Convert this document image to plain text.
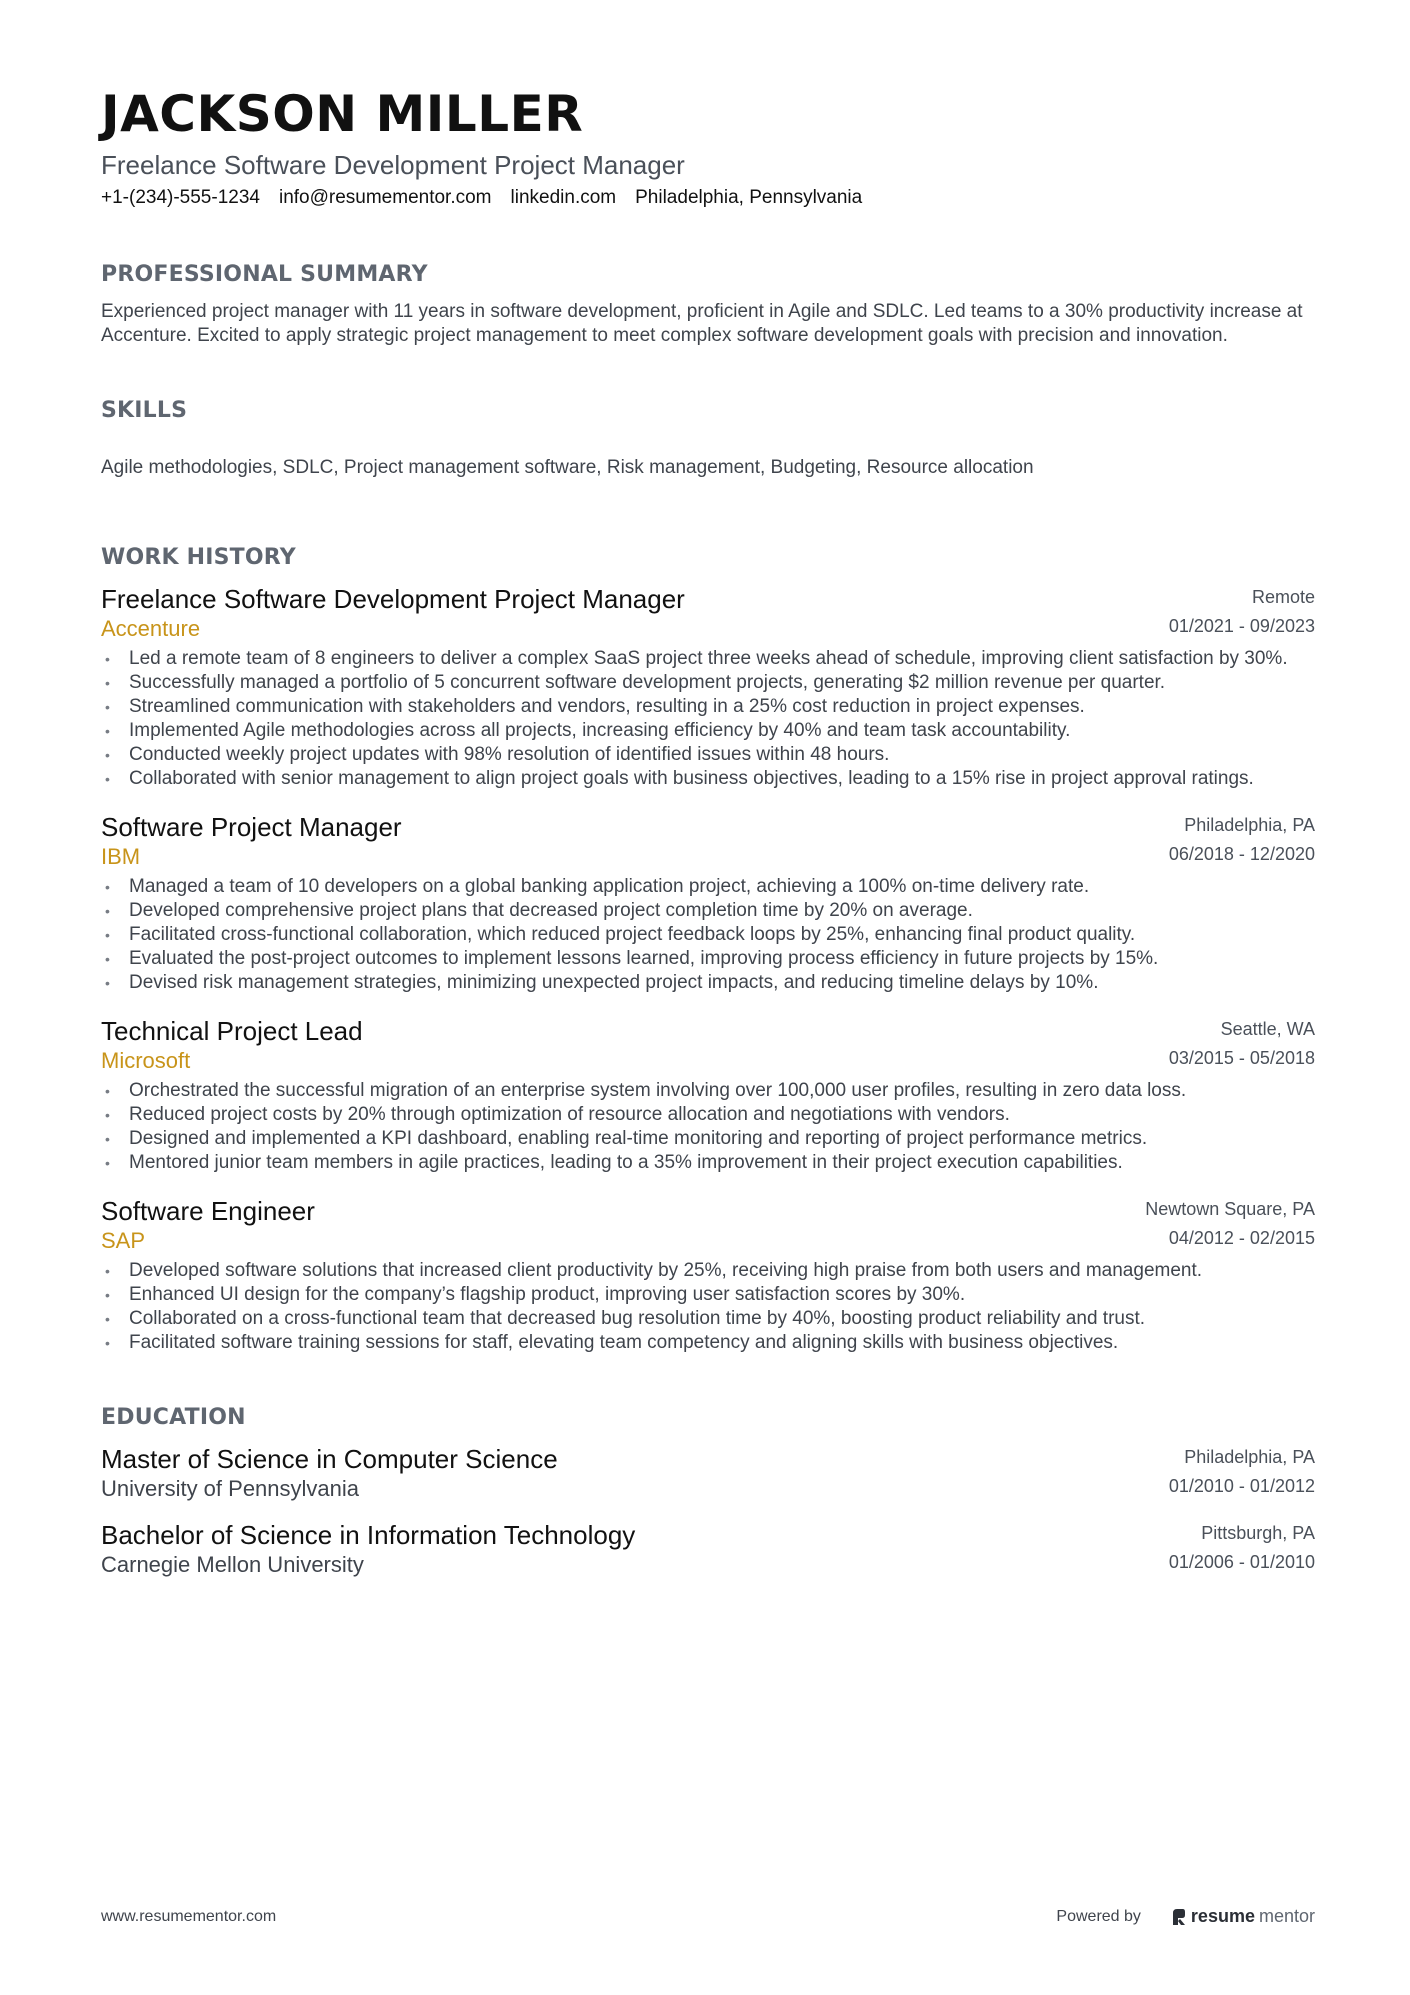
JACKSON MILLER
Freelance Software Development Project Manager
+1-(234)-555-1234 info@resumementor.com linkedin.com Philadelphia, Pennsylvania
PROFESSIONAL SUMMARY
Experienced project manager with 11 years in software development, proficient in Agile and SDLC. Led teams to a 30% productivity increase at Accenture. Excited to apply strategic project management to meet complex software development goals with precision and innovation.
SKILLS
Agile methodologies, SDLC, Project management software, Risk management, Budgeting, Resource allocation
WORK HISTORY
Freelance Software Development Project Manager
Accenture
Remote
01/2021 - 09/2023
• Led a remote team of 8 engineers to deliver a complex SaaS project three weeks ahead of schedule, improving client satisfaction by 30%.
• Successfully managed a portfolio of 5 concurrent software development projects, generating $2 million revenue per quarter.
• Streamlined communication with stakeholders and vendors, resulting in a 25% cost reduction in project expenses.
• Implemented Agile methodologies across all projects, increasing efficiency by 40% and team task accountability.
• Conducted weekly project updates with 98% resolution of identified issues within 48 hours.
• Collaborated with senior management to align project goals with business objectives, leading to a 15% rise in project approval ratings.
Software Project Manager
IBM
Philadelphia, PA
06/2018 - 12/2020
• Managed a team of 10 developers on a global banking application project, achieving a 100% on-time delivery rate.
• Developed comprehensive project plans that decreased project completion time by 20% on average.
• Facilitated cross-functional collaboration, which reduced project feedback loops by 25%, enhancing final product quality.
• Evaluated the post-project outcomes to implement lessons learned, improving process efficiency in future projects by 15%.
• Devised risk management strategies, minimizing unexpected project impacts, and reducing timeline delays by 10%.
Technical Project Lead
Microsoft
Seattle, WA
03/2015 - 05/2018
• Orchestrated the successful migration of an enterprise system involving over 100,000 user profiles, resulting in zero data loss.
• Reduced project costs by 20% through optimization of resource allocation and negotiations with vendors.
• Designed and implemented a KPI dashboard, enabling real-time monitoring and reporting of project performance metrics.
• Mentored junior team members in agile practices, leading to a 35% improvement in their project execution capabilities.
Software Engineer
SAP
Newtown Square, PA
04/2012 - 02/2015
• Developed software solutions that increased client productivity by 25%, receiving high praise from both users and management.
• Enhanced UI design for the company’s flagship product, improving user satisfaction scores by 30%.
• Collaborated on a cross-functional team that decreased bug resolution time by 40%, boosting product reliability and trust.
• Facilitated software training sessions for staff, elevating team competency and aligning skills with business objectives.
EDUCATION
Master of Science in Computer Science
University of Pennsylvania
Philadelphia, PA
01/2010 - 01/2012
Bachelor of Science in Information Technology
Carnegie Mellon University
Pittsburgh, PA
01/2006 - 01/2010
www.resumementor.com	Powered by	resume mentor
